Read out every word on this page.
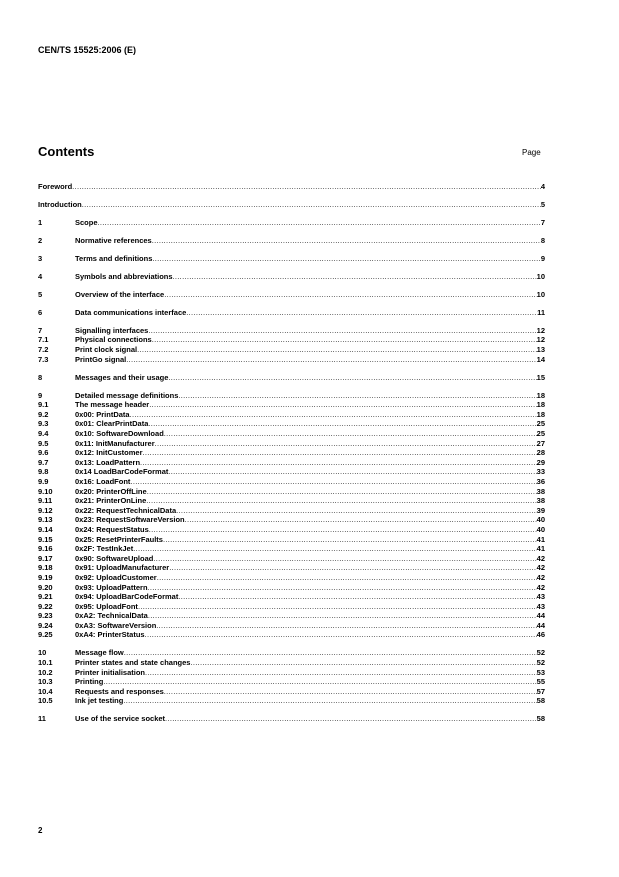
CEN/TS 15525:2006 (E)
Contents	Page
Foreword .....	4
Introduction .....	5
1	Scope .....	7
2	Normative references .....	8
3	Terms and definitions .....	9
4	Symbols and abbreviations .....	10
5	Overview of the interface .....	10
6	Data communications interface .....	11
7	Signalling interfaces .....	12
7.1	Physical connections .....	12
7.2	Print clock signal .....	13
7.3	PrintGo signal .....	14
8	Messages and their usage .....	15
9	Detailed message definitions .....	18
9.1	The message header .....	18
9.2	0x00: PrintData .....	18
9.3	0x01: ClearPrintData .....	25
9.4	0x10: SoftwareDownload .....	25
9.5	0x11: InitManufacturer .....	27
9.6	0x12: InitCustomer .....	28
9.7	0x13: LoadPattern .....	29
9.8	0x14 LoadBarCodeFormat .....	33
9.9	0x16: LoadFont .....	36
9.10	0x20: PrinterOffLine .....	38
9.11	0x21: PrinterOnLine .....	38
9.12	0x22: RequestTechnicalData .....	39
9.13	0x23: RequestSoftwareVersion .....	40
9.14	0x24: RequestStatus .....	40
9.15	0x25: ResetPrinterFaults .....	41
9.16	0x2F: TestInkJet .....	41
9.17	0x90: SoftwareUpload .....	42
9.18	0x91: UploadManufacturer .....	42
9.19	0x92: UploadCustomer .....	42
9.20	0x93: UploadPattern .....	42
9.21	0x94: UploadBarCodeFormat .....	43
9.22	0x95: UploadFont .....	43
9.23	0xA2: TechnicalData .....	44
9.24	0xA3: SoftwareVersion .....	44
9.25	0xA4: PrinterStatus .....	46
10	Message flow .....	52
10.1	Printer states and state changes .....	52
10.2	Printer initialisation .....	53
10.3	Printing .....	55
10.4	Requests and responses .....	57
10.5	Ink jet testing .....	58
11	Use of the service socket .....	58
2
